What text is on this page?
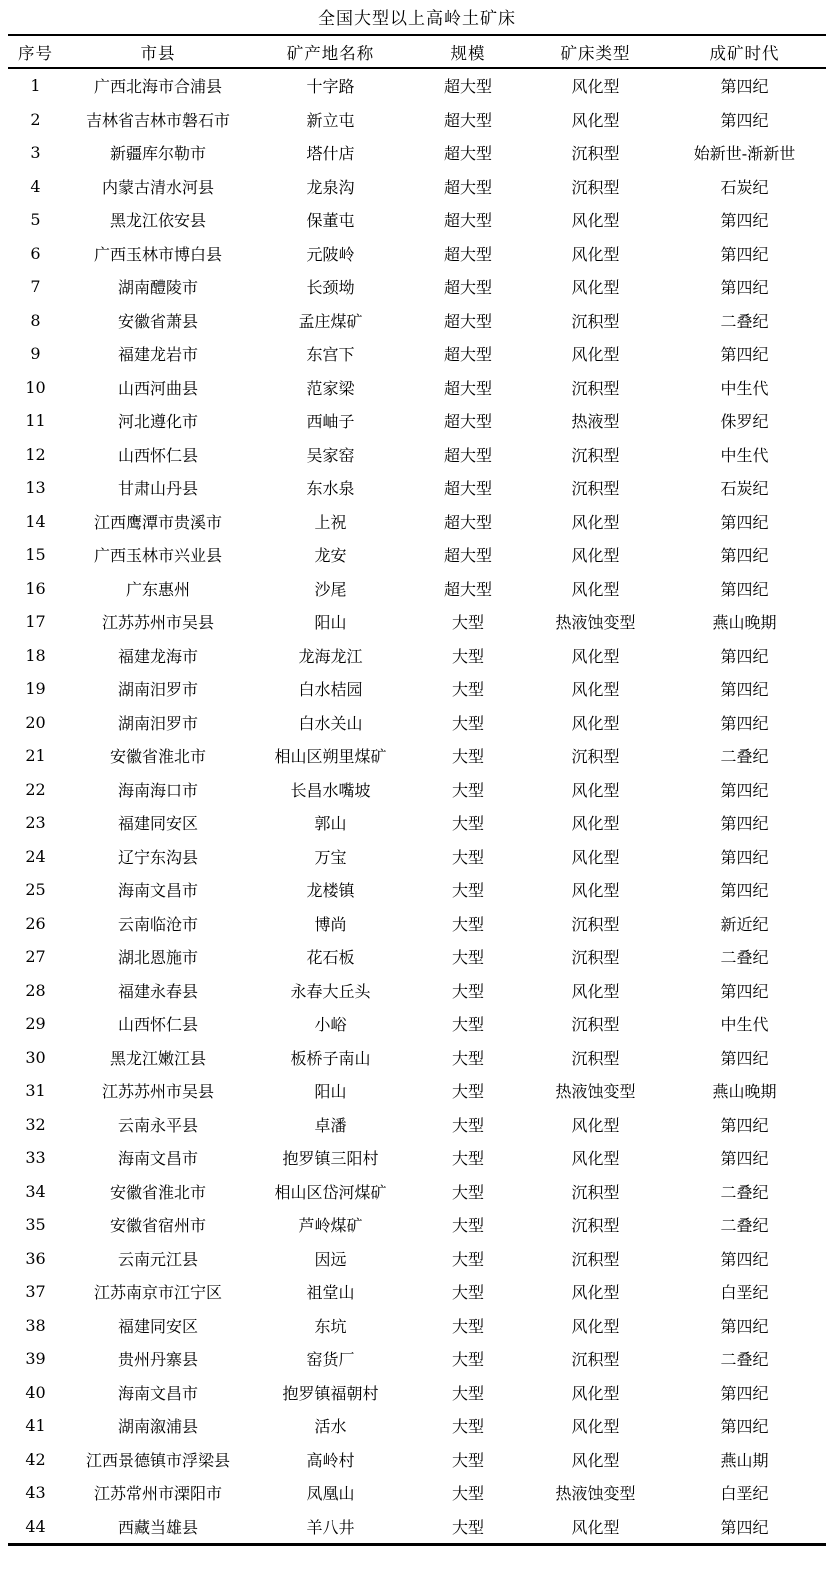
全国大型以上高岭土矿床
序号	市县	矿产地名称	规模	矿床类型	成矿时代
1	广西北海市合浦县	十字路	超大型	风化型	第四纪
2	吉林省吉林市磐石市	新立屯	超大型	风化型	第四纪
3	新疆库尔勒市	塔什店	超大型	沉积型	始新世-渐新世
4	内蒙古清水河县	龙泉沟	超大型	沉积型	石炭纪
5	黑龙江依安县	保董屯	超大型	风化型	第四纪
6	广西玉林市博白县	元陂岭	超大型	风化型	第四纪
7	湖南醴陵市	长颈坳	超大型	风化型	第四纪
8	安徽省萧县	孟庄煤矿	超大型	沉积型	二叠纪
9	福建龙岩市	东宫下	超大型	风化型	第四纪
10	山西河曲县	范家梁	超大型	沉积型	中生代
11	河北遵化市	西岫子	超大型	热液型	侏罗纪
12	山西怀仁县	吴家窑	超大型	沉积型	中生代
13	甘肃山丹县	东水泉	超大型	沉积型	石炭纪
14	江西鹰潭市贵溪市	上祝	超大型	风化型	第四纪
15	广西玉林市兴业县	龙安	超大型	风化型	第四纪
16	广东惠州	沙尾	超大型	风化型	第四纪
17	江苏苏州市吴县	阳山	大型	热液蚀变型	燕山晚期
18	福建龙海市	龙海龙江	大型	风化型	第四纪
19	湖南汨罗市	白水桔园	大型	风化型	第四纪
20	湖南汨罗市	白水关山	大型	风化型	第四纪
21	安徽省淮北市	相山区朔里煤矿	大型	沉积型	二叠纪
22	海南海口市	长昌水嘴坡	大型	风化型	第四纪
23	福建同安区	郭山	大型	风化型	第四纪
24	辽宁东沟县	万宝	大型	风化型	第四纪
25	海南文昌市	龙楼镇	大型	风化型	第四纪
26	云南临沧市	博尚	大型	沉积型	新近纪
27	湖北恩施市	花石板	大型	沉积型	二叠纪
28	福建永春县	永春大丘头	大型	风化型	第四纪
29	山西怀仁县	小峪	大型	沉积型	中生代
30	黑龙江嫩江县	板桥子南山	大型	沉积型	第四纪
31	江苏苏州市吴县	阳山	大型	热液蚀变型	燕山晚期
32	云南永平县	卓潘	大型	风化型	第四纪
33	海南文昌市	抱罗镇三阳村	大型	风化型	第四纪
34	安徽省淮北市	相山区岱河煤矿	大型	沉积型	二叠纪
35	安徽省宿州市	芦岭煤矿	大型	沉积型	二叠纪
36	云南元江县	因远	大型	沉积型	第四纪
37	江苏南京市江宁区	祖堂山	大型	风化型	白垩纪
38	福建同安区	东坑	大型	风化型	第四纪
39	贵州丹寨县	窑货厂	大型	沉积型	二叠纪
40	海南文昌市	抱罗镇福朝村	大型	风化型	第四纪
41	湖南溆浦县	活水	大型	风化型	第四纪
42	江西景德镇市浮梁县	高岭村	大型	风化型	燕山期
43	江苏常州市溧阳市	凤凰山	大型	热液蚀变型	白垩纪
44	西藏当雄县	羊八井	大型	风化型	第四纪
